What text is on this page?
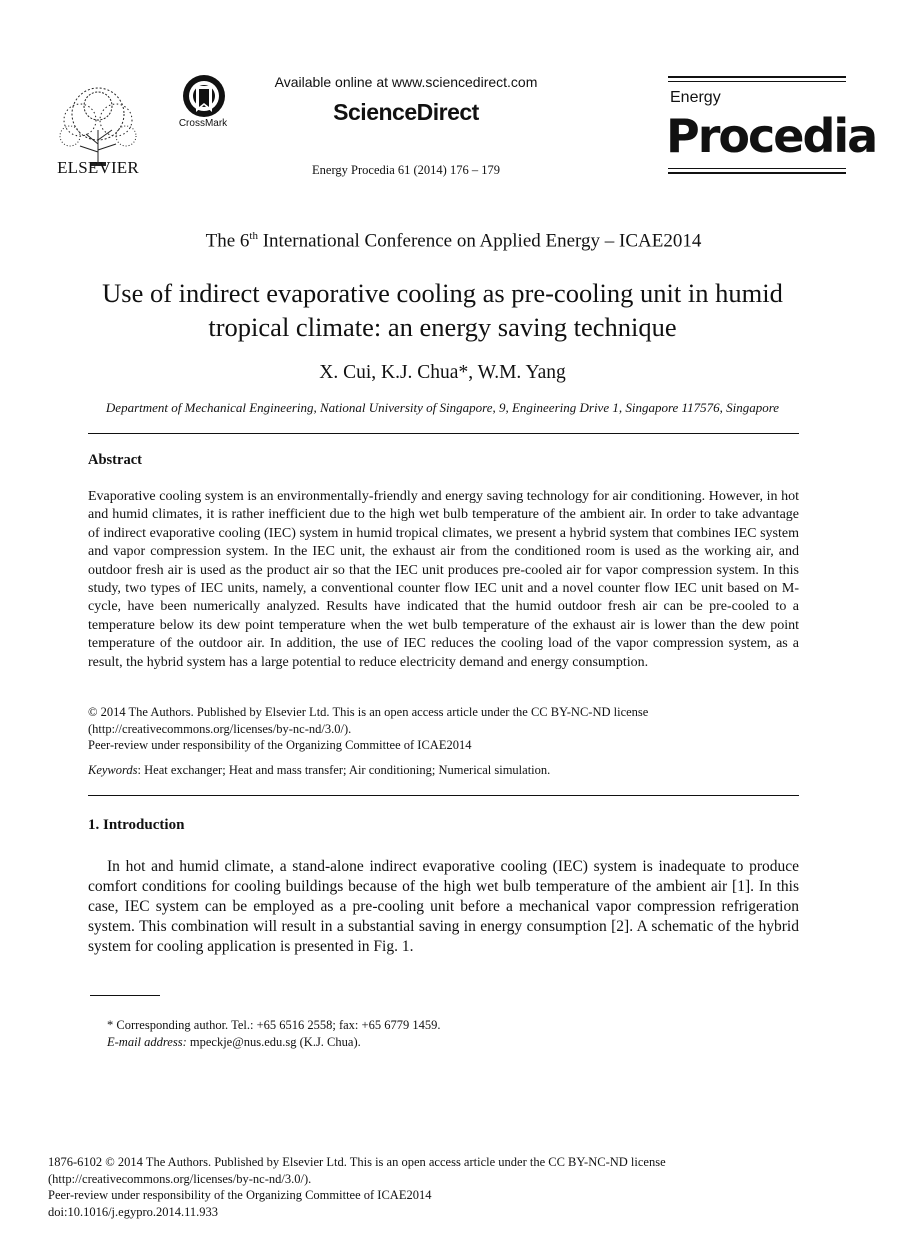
ELSEVIER
CrossMark
Available online at www.sciencedirect.com
ScienceDirect
Energy Procedia 61 (2014) 176 – 179
Energy
Procedia
The 6th International Conference on Applied Energy – ICAE2014
Use of indirect evaporative cooling as pre-cooling unit in humid tropical climate: an energy saving technique
X. Cui, K.J. Chua*, W.M. Yang
Department of Mechanical Engineering, National University of Singapore, 9, Engineering Drive 1, Singapore 117576, Singapore
Abstract
Evaporative cooling system is an environmentally-friendly and energy saving technology for air conditioning. However, in hot and humid climates, it is rather inefficient due to the high wet bulb temperature of the ambient air. In order to take advantage of indirect evaporative cooling (IEC) system in humid tropical climates, we present a hybrid system that combines IEC system and vapor compression system. In the IEC unit, the exhaust air from the conditioned room is used as the working air, and outdoor fresh air is used as the product air so that the IEC unit produces pre-cooled air for vapor compression system. In this study, two types of IEC units, namely, a conventional counter flow IEC unit and a novel counter flow IEC unit based on M-cycle, have been numerically analyzed. Results have indicated that the humid outdoor fresh air can be pre-cooled to a temperature below its dew point temperature when the wet bulb temperature of the exhaust air is lower than the dew point temperature of the outdoor air. In addition, the use of IEC reduces the cooling load of the vapor compression system, as a result, the hybrid system has a large potential to reduce electricity demand and energy consumption.
© 2014 The Authors. Published by Elsevier Ltd. This is an open access article under the CC BY-NC-ND license
(http://creativecommons.org/licenses/by-nc-nd/3.0/).
Peer-review under responsibility of the Organizing Committee of ICAE2014
Keywords: Heat exchanger; Heat and mass transfer; Air conditioning; Numerical simulation.
1. Introduction
In hot and humid climate, a stand-alone indirect evaporative cooling (IEC) system is inadequate to produce comfort conditions for cooling buildings because of the high wet bulb temperature of the ambient air [1]. In this case, IEC system can be employed as a pre-cooling unit before a mechanical vapor compression refrigeration system. This combination will result in a substantial saving in energy consumption [2]. A schematic of the hybrid system for cooling application is presented in Fig. 1.
* Corresponding author. Tel.: +65 6516 2558; fax: +65 6779 1459.
E-mail address: mpeckje@nus.edu.sg (K.J. Chua).
1876-6102 © 2014 The Authors. Published by Elsevier Ltd. This is an open access article under the CC BY-NC-ND license
(http://creativecommons.org/licenses/by-nc-nd/3.0/).
Peer-review under responsibility of the Organizing Committee of ICAE2014
doi:10.1016/j.egypro.2014.11.933
